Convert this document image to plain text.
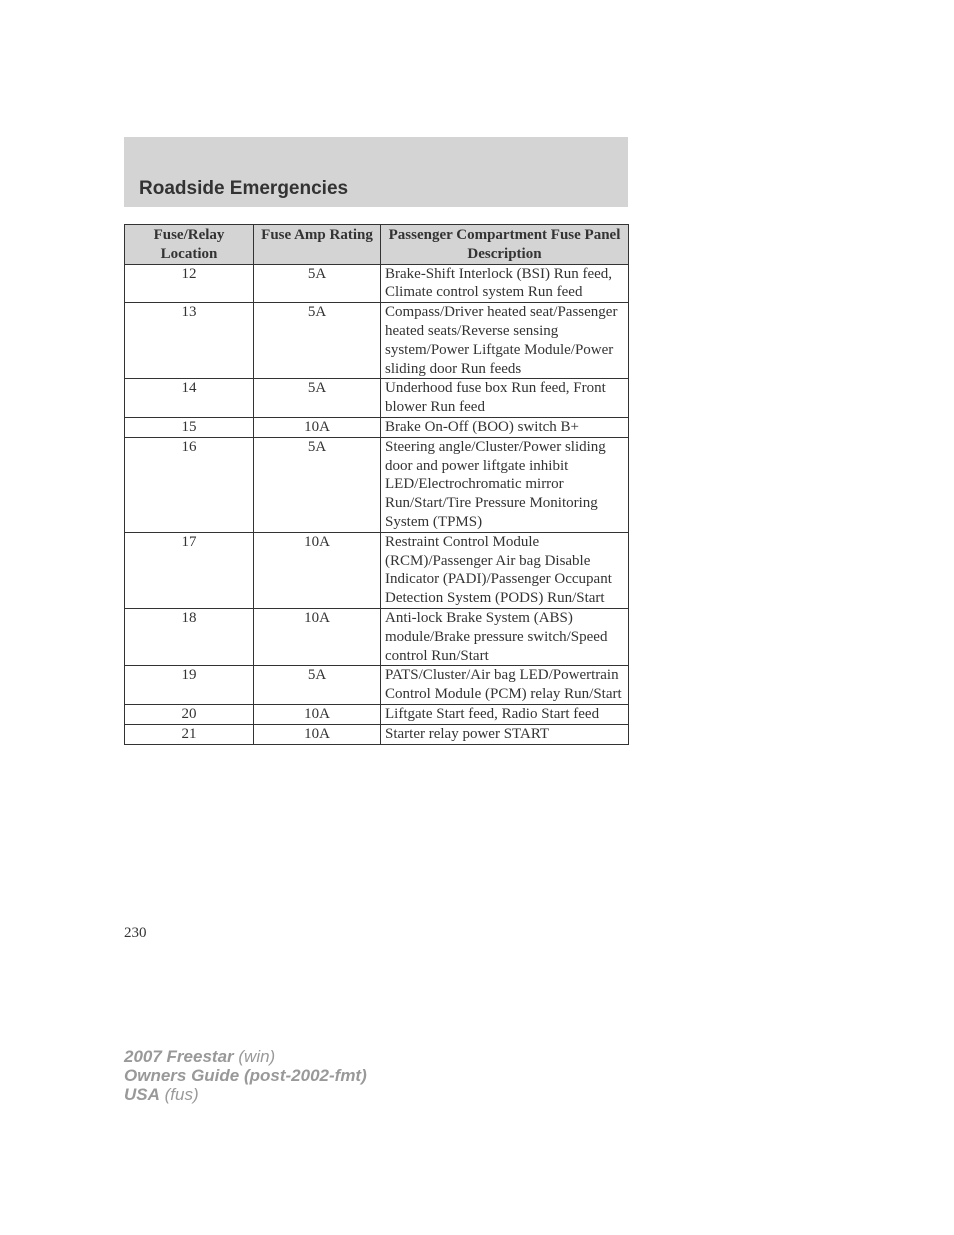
Roadside Emergencies
Fuse/Relay Location	Fuse Amp Rating	Passenger Compartment Fuse Panel Description
12	5A	Brake-Shift Interlock (BSI) Run feed, Climate control system Run feed
13	5A	Compass/Driver heated seat/Passenger heated seats/Reverse sensing system/Power Liftgate Module/Power sliding door Run feeds
14	5A	Underhood fuse box Run feed, Front blower Run feed
15	10A	Brake On-Off (BOO) switch B+
16	5A	Steering angle/Cluster/Power sliding door and power liftgate inhibit LED/Electrochromatic mirror Run/Start/Tire Pressure Monitoring System (TPMS)
17	10A	Restraint Control Module (RCM)/Passenger Air bag Disable Indicator (PADI)/Passenger Occupant Detection System (PODS) Run/Start
18	10A	Anti-lock Brake System (ABS) module/Brake pressure switch/Speed control Run/Start
19	5A	PATS/Cluster/Air bag LED/Powertrain Control Module (PCM) relay Run/Start
20	10A	Liftgate Start feed, Radio Start feed
21	10A	Starter relay power START
230
2007 Freestar (win)
Owners Guide (post-2002-fmt)
USA (fus)
